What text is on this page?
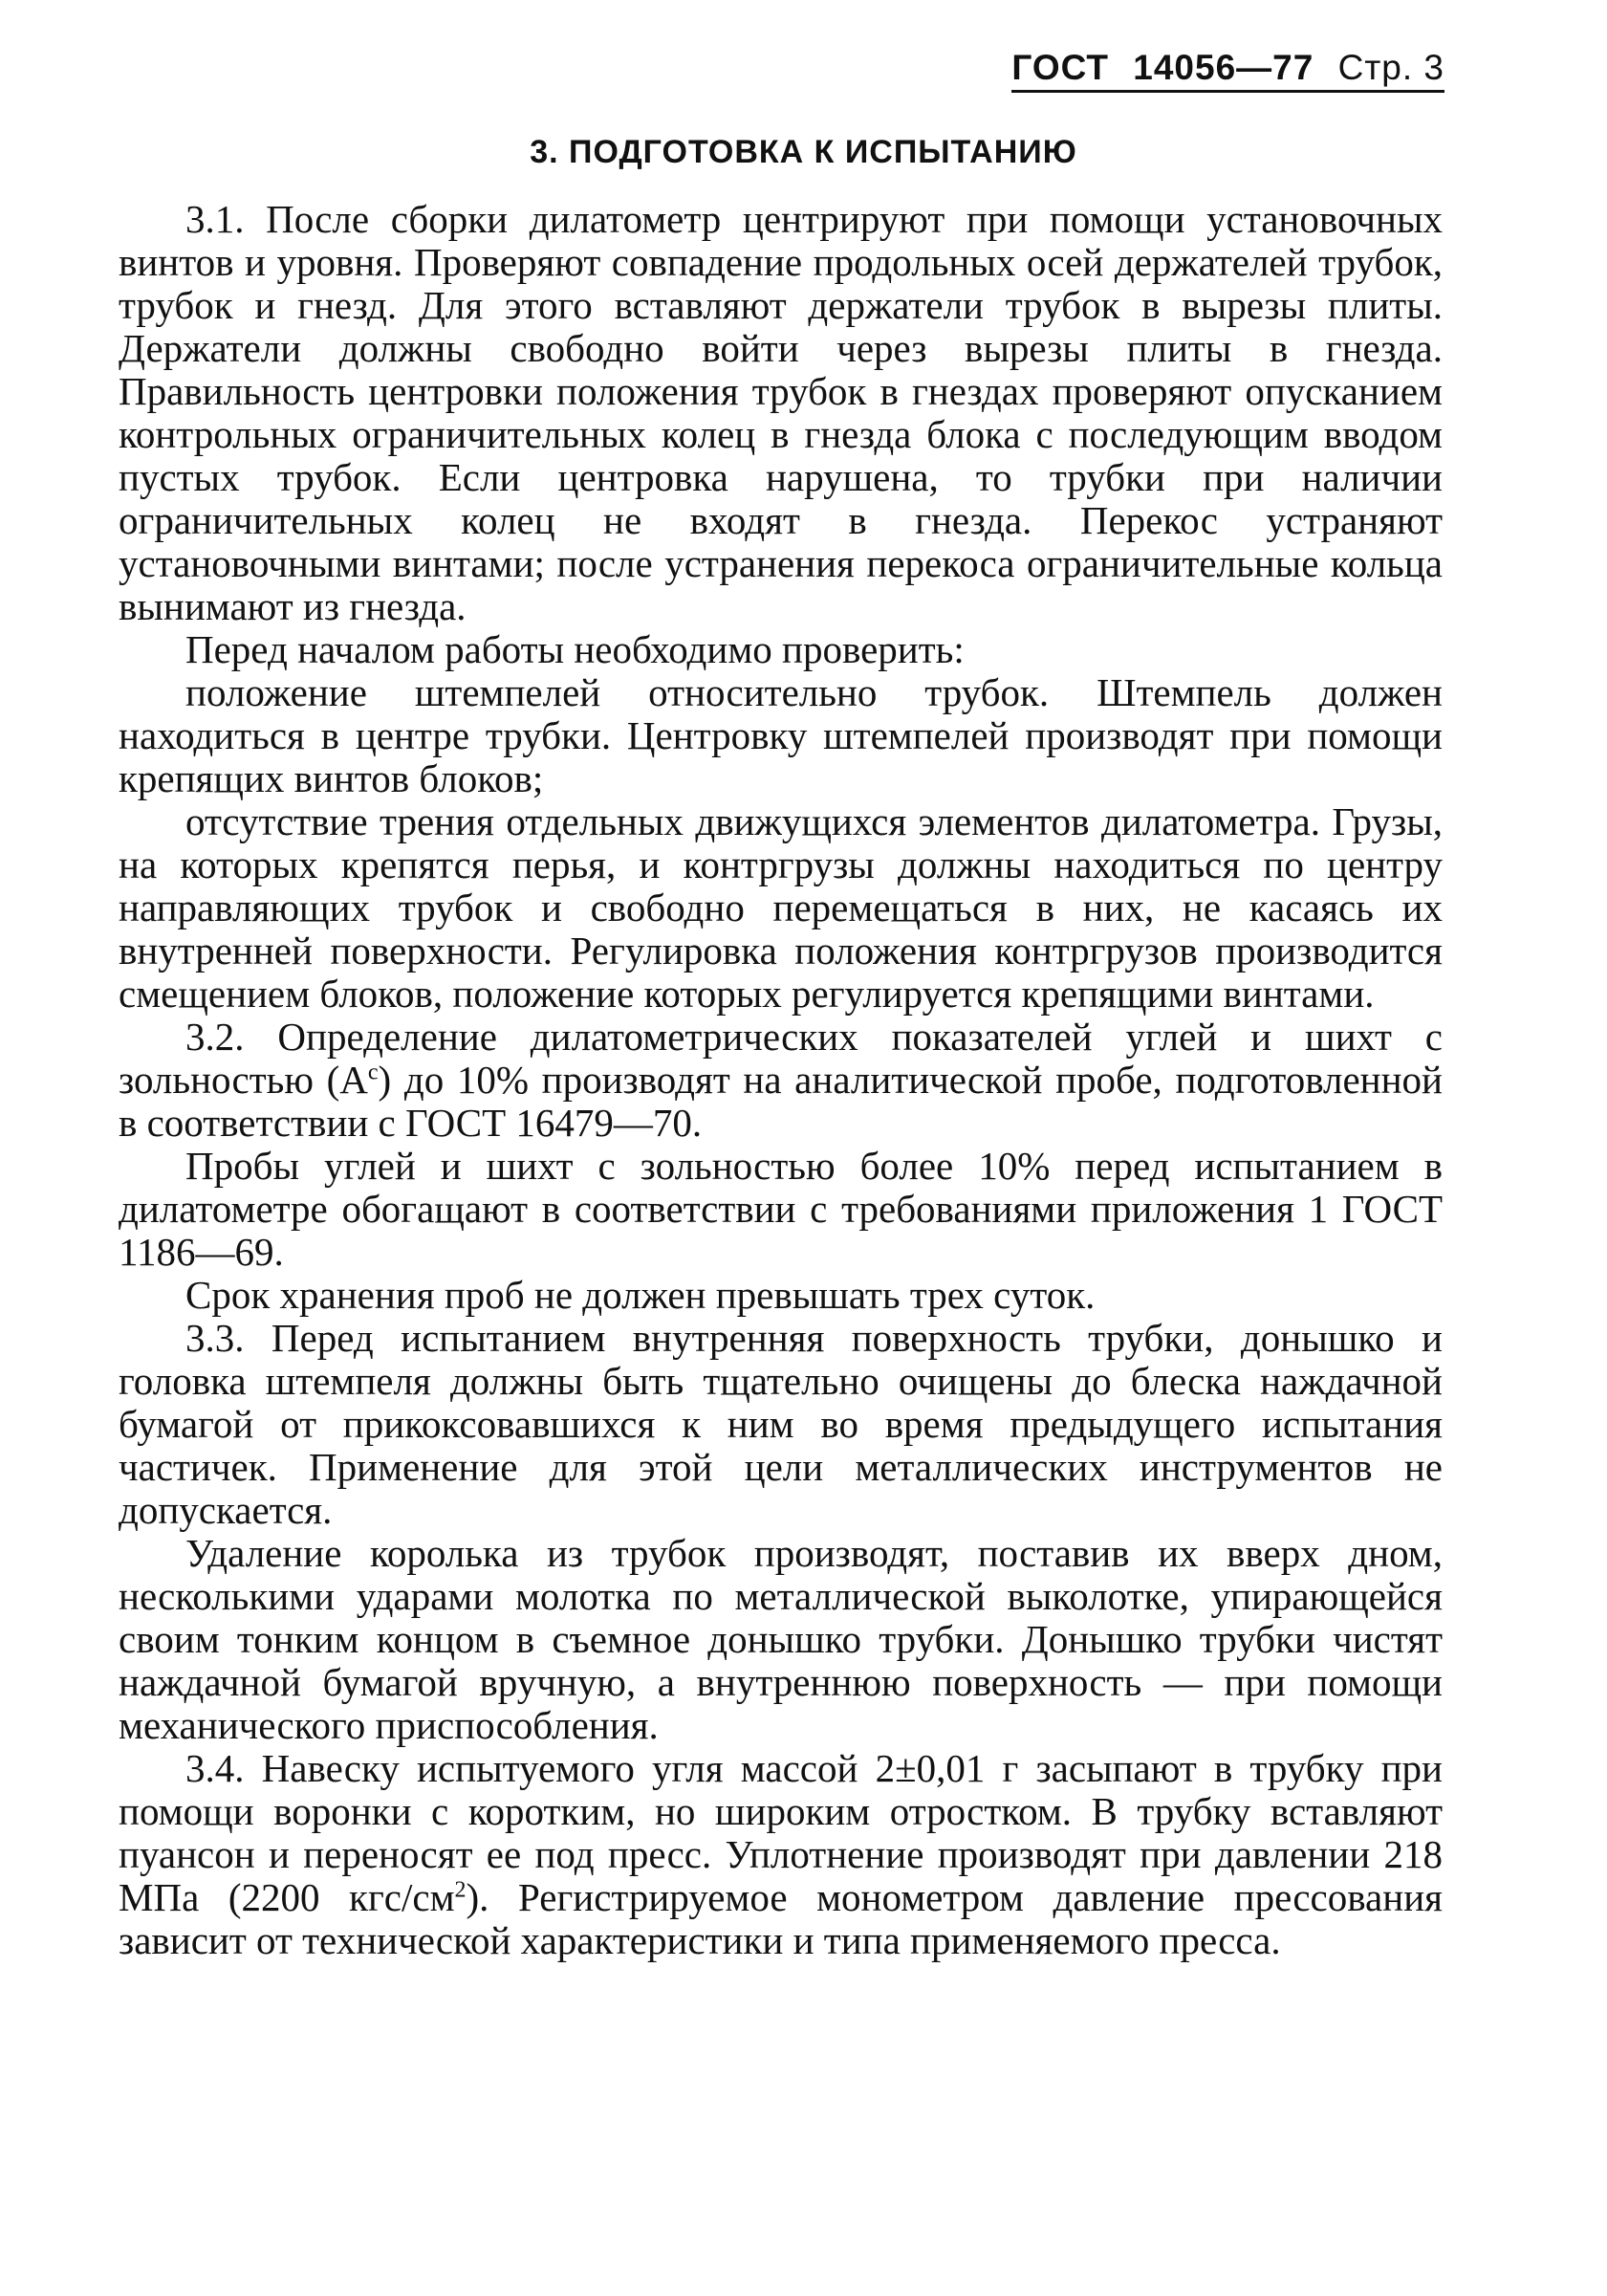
ГОСТ 14056—77 Стр. 3
3. ПОДГОТОВКА К ИСПЫТАНИЮ

3.1. После сборки дилатометр центрируют при помощи установочных винтов и уровня. Проверяют совпадение продольных осей держателей трубок, трубок и гнезд. Для этого вставляют держатели трубок в вырезы плиты. Держатели должны свободно войти через вырезы плиты в гнезда. Правильность центровки положения трубок в гнездах проверяют опусканием контрольных ограничительных колец в гнезда блока с последующим вводом пустых трубок. Если центровка нарушена, то трубки при наличии ограничительных колец не входят в гнезда. Перекос устраняют установочными винтами; после устранения перекоса ограничительные кольца вынимают из гнезда.

Перед началом работы необходимо проверить:

положение штемпелей относительно трубок. Штемпель должен находиться в центре трубки. Центровку штемпелей производят при помощи крепящих винтов блоков;

отсутствие трения отдельных движущихся элементов дилатометра. Грузы, на которых крепятся перья, и контргрузы должны находиться по центру направляющих трубок и свободно перемещаться в них, не касаясь их внутренней поверхности. Регулировка положения контргрузов производится смещением блоков, положение которых регулируется крепящими винтами.

3.2. Определение дилатометрических показателей углей и шихт с зольностью $(A^c)$ до 10% производят на аналитической пробе, подготовленной в соответствии с ГОСТ 16479—70.

Пробы углей и шихт с зольностью более 10% перед испытанием в дилатометре обогащают в соответствии с требованиями приложения 1 ГОСТ 1186—69.

Срок хранения проб не должен превышать трех суток.

3.3. Перед испытанием внутренняя поверхность трубки, донышко и головка штемпеля должны быть тщательно очищены до блеска наждачной бумагой от прикоксовавшихся к ним во время предыдущего испытания частичек. Применение для этой цели металлических инструментов не допускается.

Удаление королька из трубок производят, поставив их вверх дном, несколькими ударами молотка по металлической выколотке, упирающейся своим тонким концом в съемное донышко трубки. Донышко трубки чистят наждачной бумагой вручную, а внутреннюю поверхность — при помощи механического приспособления.

3.4. Навеску испытуемого угля массой 2±0,01 г засыпают в трубку при помощи воронки с коротким, но широким отростком. В трубку вставляют пуансон и переносят ее под пресс. Уплотнение производят при давлении 218 МПа (2200 кгс/$см^2$). Регистрируемое монометром давление прессования зависит от технической характеристики и типа применяемого пресса.
